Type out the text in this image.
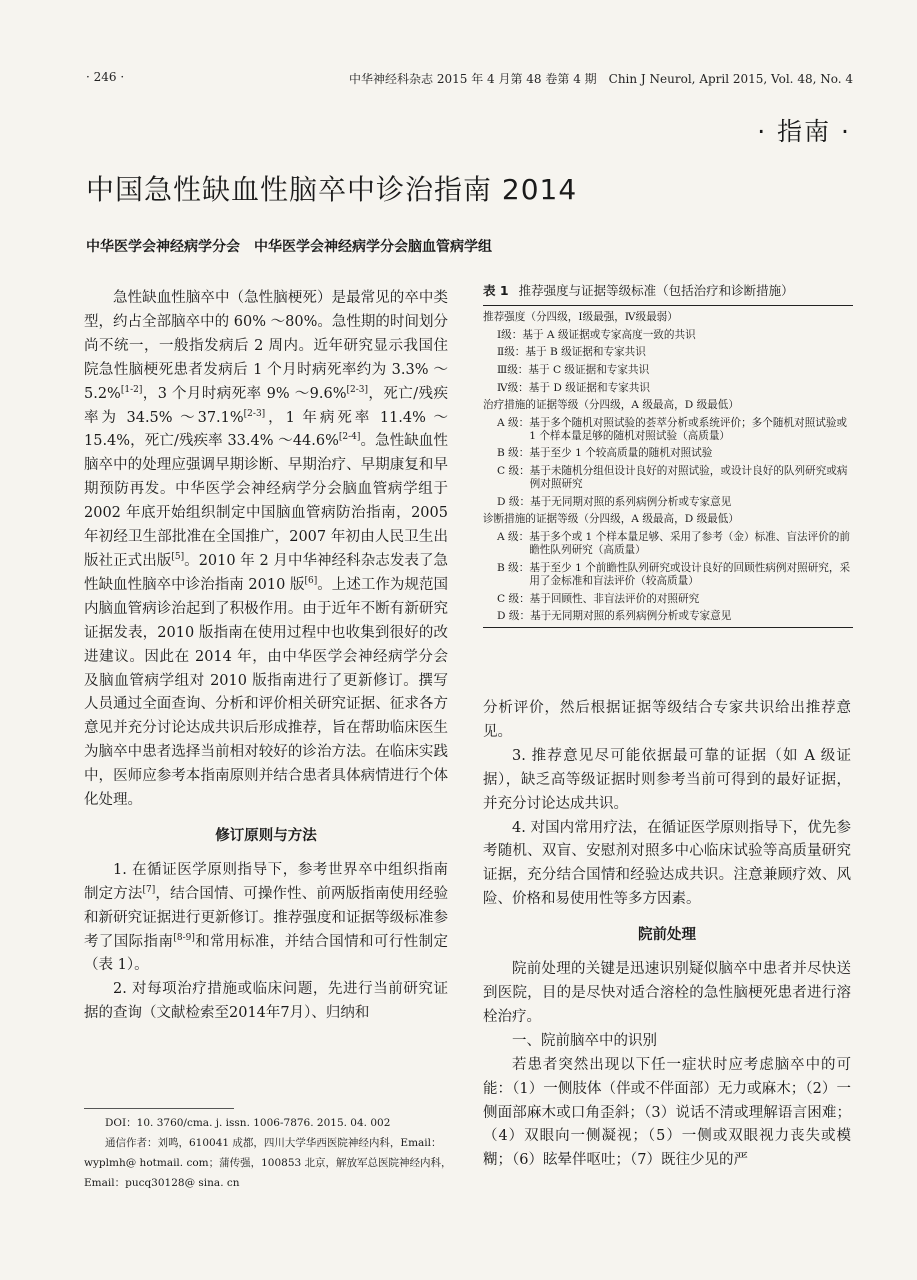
· 246 ·	中华神经科杂志 2015 年 4 月第 48 卷第 4 期　Chin J Neurol, April 2015, Vol. 48, No. 4
· 指南 ·
中国急性缺血性脑卒中诊治指南 2014
中华医学会神经病学分会　中华医学会神经病学分会脑血管病学组

急性缺血性脑卒中（急性脑梗死）是最常见的卒中类型，约占全部脑卒中的 60% ～80%。急性期的时间划分尚不统一，一般指发病后 2 周内。近年研究显示我国住院急性脑梗死患者发病后 1 个月时病死率约为 3.3% ～5.2%[1-2]，3 个月时病死率 9% ～9.6%[2-3]，死亡/残疾率为 34.5% ～37.1%[2-3]，1 年病死率 11.4% ～15.4%，死亡/残疾率 33.4% ～44.6%[2-4]。急性缺血性脑卒中的处理应强调早期诊断、早期治疗、早期康复和早期预防再发。中华医学会神经病学分会脑血管病学组于 2002 年底开始组织制定中国脑血管病防治指南，2005 年初经卫生部批准在全国推广，2007 年初由人民卫生出版社正式出版[5]。2010 年 2 月中华神经科杂志发表了急性缺血性脑卒中诊治指南 2010 版[6]。上述工作为规范国内脑血管病诊治起到了积极作用。由于近年不断有新研究证据发表，2010 版指南在使用过程中也收集到很好的改进建议。因此在 2014 年，由中华医学会神经病学分会及脑血管病学组对 2010 版指南进行了更新修订。撰写人员通过全面查询、分析和评价相关研究证据、征求各方意见并充分讨论达成共识后形成推荐，旨在帮助临床医生为脑卒中患者选择当前相对较好的诊治方法。在临床实践中，医师应参考本指南原则并结合患者具体病情进行个体化处理。

修订原则与方法

1. 在循证医学原则指导下，参考世界卒中组织指南制定方法[7]，结合国情、可操作性、前两版指南使用经验和新研究证据进行更新修订。推荐强度和证据等级标准参考了国际指南[8-9]和常用标准，并结合国情和可行性制定（表 1）。

2. 对每项治疗措施或临床问题，先进行当前研究证据的查询（文献检索至2014年7月）、归纳和

表 1 推荐强度与证据等级标准（包括治疗和诊断措施）
推荐强度（分四级，Ⅰ级最强，Ⅳ级最弱）
Ⅰ级： 基于 A 级证据或专家高度一致的共识
Ⅱ级： 基于 B 级证据和专家共识
Ⅲ级： 基于 C 级证据和专家共识
Ⅳ级： 基于 D 级证据和专家共识
治疗措施的证据等级（分四级，A 级最高，D 级最低）
A 级： 基于多个随机对照试验的荟萃分析或系统评价；多个随机对照试验或 1 个样本量足够的随机对照试验（高质量）
B 级： 基于至少 1 个较高质量的随机对照试验
C 级： 基于未随机分组但设计良好的对照试验，或设计良好的队列研究或病例对照研究
D 级： 基于无同期对照的系列病例分析或专家意见
诊断措施的证据等级（分四级，A 级最高，D 级最低）
A 级： 基于多个或 1 个样本量足够、采用了参考（金）标准、盲法评价的前瞻性队列研究（高质量）
B 级： 基于至少 1 个前瞻性队列研究或设计良好的回顾性病例对照研究，采用了金标准和盲法评价（较高质量）
C 级： 基于回顾性、非盲法评价的对照研究
D 级： 基于无同期对照的系列病例分析或专家意见

分析评价，然后根据证据等级结合专家共识给出推荐意见。

3. 推荐意见尽可能依据最可靠的证据（如 A 级证据），缺乏高等级证据时则参考当前可得到的最好证据，并充分讨论达成共识。

4. 对国内常用疗法，在循证医学原则指导下，优先参考随机、双盲、安慰剂对照多中心临床试验等高质量研究证据，充分结合国情和经验达成共识。注意兼顾疗效、风险、价格和易使用性等多方因素。

院前处理

院前处理的关键是迅速识别疑似脑卒中患者并尽快送到医院，目的是尽快对适合溶栓的急性脑梗死患者进行溶栓治疗。

一、院前脑卒中的识别

若患者突然出现以下任一症状时应考虑脑卒中的可能：（1）一侧肢体（伴或不伴面部）无力或麻木；（2）一侧面部麻木或口角歪斜；（3）说话不清或理解语言困难；（4）双眼向一侧凝视；（5）一侧或双眼视力丧失或模糊；（6）眩晕伴呕吐；（7）既往少见的严

DOI：10. 3760/cma. j. issn. 1006-7876. 2015. 04. 002

通信作者：刘鸣，610041 成都，四川大学华西医院神经内科，Email：wyplmh@ hotmail. com；蒲传强，100853 北京，解放军总医院神经内科，Email：pucq30128@ sina. cn
